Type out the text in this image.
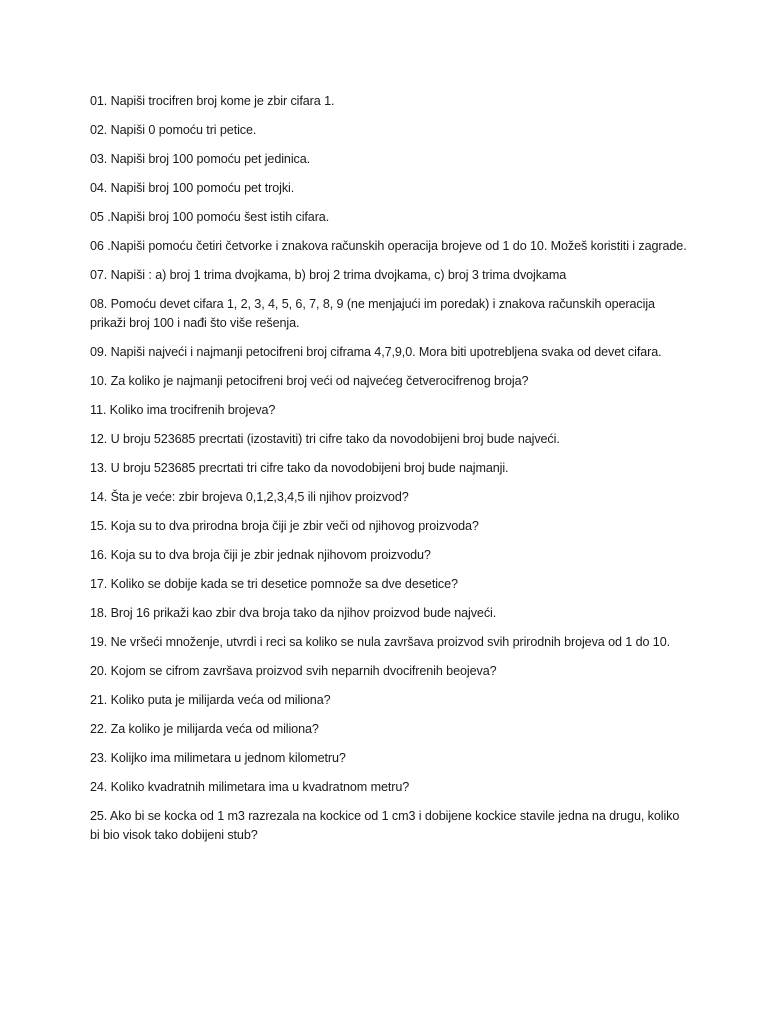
01. Napiši trocifren broj kome je zbir cifara 1.

02. Napiši 0 pomoću tri petice.

03. Napiši broj 100 pomoću pet jedinica.

04. Napiši broj 100 pomoću pet trojki.

05 .Napiši broj 100 pomoću šest istih cifara.

06 .Napiši pomoću četiri četvorke i znakova računskih operacija brojeve od 1 do 10. Možeš koristiti i zagrade.

07. Napiši : a) broj 1 trima dvojkama, b) broj 2 trima dvojkama, c) broj 3 trima dvojkama

08. Pomoću devet cifara 1, 2, 3, 4, 5, 6, 7, 8, 9 (ne menjajući im poredak) i znakova računskih operacija prikaži broj 100 i nađi što više rešenja.

09. Napiši najveći i najmanji petocifreni broj ciframa 4,7,9,0. Mora biti upotrebljena svaka od devet cifara.

10. Za koliko je najmanji petocifreni broj veći od najvećeg četverocifrenog broja?

11. Koliko ima trocifrenih brojeva?

12. U broju 523685 precrtati (izostaviti) tri cifre tako da novodobijeni broj bude najveći.

13. U broju 523685 precrtati tri cifre tako da novodobijeni broj bude najmanji.

14. Šta je veće: zbir brojeva 0,1,2,3,4,5 ili njihov proizvod?

15. Koja su to dva prirodna broja čiji je zbir veči od njihovog proizvoda?

16. Koja su to dva broja čiji je zbir jednak njihovom proizvodu?

17. Koliko se dobije kada se tri desetice pomnože sa dve desetice?

18. Broj 16 prikaži kao zbir dva broja tako da njihov proizvod bude najveći.

19. Ne vršeći množenje, utvrdi i reci sa koliko se nula završava proizvod svih prirodnih brojeva od 1 do 10.

20. Kojom se cifrom završava proizvod svih neparnih dvocifrenih beojeva?

21. Koliko puta je milijarda veća od miliona?

22. Za koliko je milijarda veća od miliona?

23. Kolijko ima milimetara u jednom kilometru?

24. Koliko kvadratnih milimetara ima u kvadratnom metru?

25. Ako bi se kocka od 1 m3 razrezala na kockice od 1 cm3 i dobijene kockice stavile jedna na drugu, koliko bi bio visok tako dobijeni stub?
